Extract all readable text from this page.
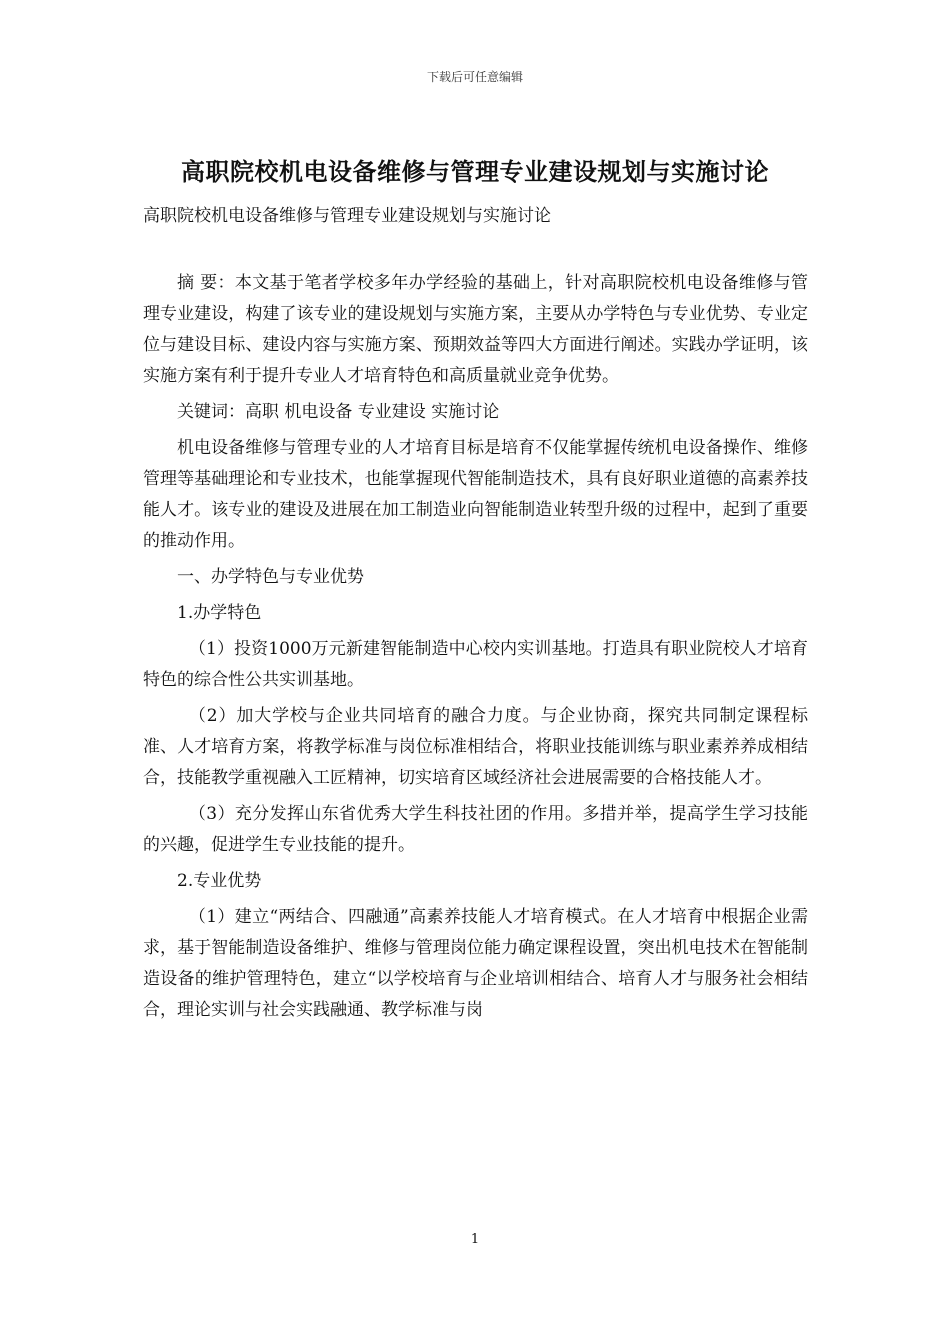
下载后可任意编辑
高职院校机电设备维修与管理专业建设规划与实施讨论
高职院校机电设备维修与管理专业建设规划与实施讨论

摘 要：本文基于笔者学校多年办学经验的基础上，针对高职院校机电设备维修与管理专业建设，构建了该专业的建设规划与实施方案，主要从办学特色与专业优势、专业定位与建设目标、建设内容与实施方案、预期效益等四大方面进行阐述。实践办学证明，该实施方案有利于提升专业人才培育特色和高质量就业竞争优势。

关键词：高职 机电设备 专业建设 实施讨论

机电设备维修与管理专业的人才培育目标是培育不仅能掌握传统机电设备操作、维修管理等基础理论和专业技术，也能掌握现代智能制造技术，具有良好职业道德的高素养技能人才。该专业的建设及进展在加工制造业向智能制造业转型升级的过程中，起到了重要的推动作用。

一、办学特色与专业优势

1.办学特色

（1）投资1000万元新建智能制造中心校内实训基地。打造具有职业院校人才培育特色的综合性公共实训基地。

（2）加大学校与企业共同培育的融合力度。与企业协商，探究共同制定课程标准、人才培育方案，将教学标准与岗位标准相结合，将职业技能训练与职业素养养成相结合，技能教学重视融入工匠精神，切实培育区域经济社会进展需要的合格技能人才。

（3）充分发挥山东省优秀大学生科技社团的作用。多措并举，提高学生学习技能的兴趣，促进学生专业技能的提升。

2.专业优势

（1）建立“两结合、四融通”高素养技能人才培育模式。在人才培育中根据企业需求，基于智能制造设备维护、维修与管理岗位能力确定课程设置，突出机电技术在智能制造设备的维护管理特色，建立“以学校培育与企业培训相结合、培育人才与服务社会相结合，理论实训与社会实践融通、教学标准与岗

1
